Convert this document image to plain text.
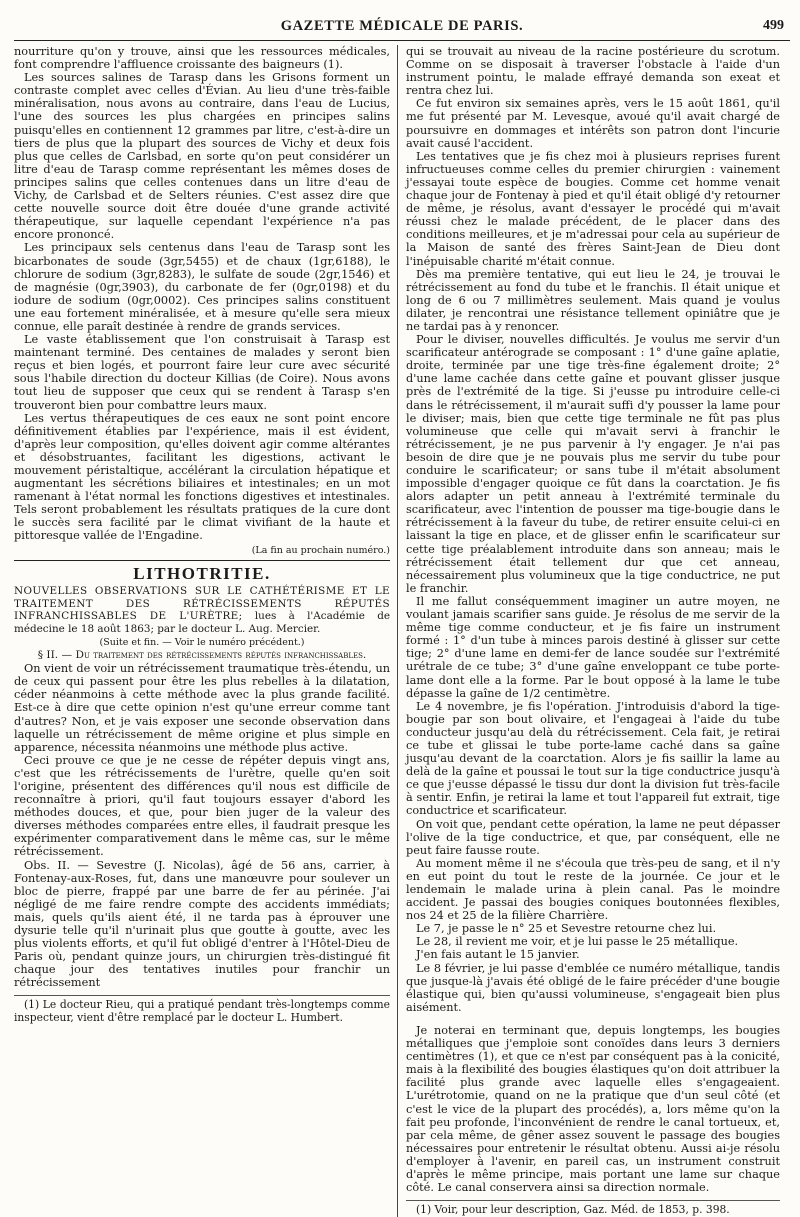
GAZETTE MÉDICALE DE PARIS.	499

nourriture qu'on y trouve, ainsi que les ressources médicales, font comprendre l'affluence croissante des baigneurs (1).

Les sources salines de Tarasp dans les Grisons forment un contraste complet avec celles d'Évian. Au lieu d'une très-faible minéralisation, nous avons au contraire, dans l'eau de Lucius, l'une des sources les plus chargées en principes salins puisqu'elles en contiennent 12 grammes par litre, c'est-à-dire un tiers de plus que la plupart des sources de Vichy et deux fois plus que celles de Carlsbad, en sorte qu'on peut considérer un litre d'eau de Tarasp comme représentant les mêmes doses de principes salins que celles contenues dans un litre d'eau de Vichy, de Carlsbad et de Selters réunies. C'est assez dire que cette nouvelle source doit être douée d'une grande activité thérapeutique, sur laquelle cependant l'expérience n'a pas encore prononcé.

Les principaux sels centenus dans l'eau de Tarasp sont les bicarbonates de soude (3gr,5455) et de chaux (1gr,6188), le chlorure de sodium (3gr,8283), le sulfate de soude (2gr,1546) et de magnésie (0gr,3903), du carbonate de fer (0gr,0198) et du iodure de sodium (0gr,0002). Ces principes salins constituent une eau fortement minéralisée, et à mesure qu'elle sera mieux connue, elle paraît destinée à rendre de grands services.

Le vaste établissement que l'on construisait à Tarasp est maintenant terminé. Des centaines de malades y seront bien reçus et bien logés, et pourront faire leur cure avec sécurité sous l'habile direction du docteur Killias (de Coire). Nous avons tout lieu de supposer que ceux qui se rendent à Tarasp s'en trouveront bien pour combattre leurs maux.

Les vertus thérapeutiques de ces eaux ne sont point encore définitivement établies par l'expérience, mais il est évident, d'après leur composition, qu'elles doivent agir comme altérantes et désobstruantes, facilitant les digestions, activant le mouvement péristaltique, accélérant la circulation hépatique et augmentant les sécrétions biliaires et intestinales; en un mot ramenant à l'état normal les fonctions digestives et intestinales. Tels seront probablement les résultats pratiques de la cure dont le succès sera facilité par le climat vivifiant de la haute et pittoresque vallée de l'Engadine.

(La fin au prochain numéro.)

LITHOTRITIE.

NOUVELLES OBSERVATIONS SUR LE CATHÉTÉRISME ET LE TRAITEMENT DES RÉTRÉCISSEMENTS RÉPUTÉS INFRANCHISSABLES DE L'URÈTRE; lues à l'Académie de médecine le 18 août 1863; par le docteur L. Aug. Mercier.

(Suite et fin. — Voir le numéro précédent.)

§ II. — Du traitement des rétrécissements réputés infranchissables.

On vient de voir un rétrécissement traumatique très-étendu, un de ceux qui passent pour être les plus rebelles à la dilatation, céder néanmoins à cette méthode avec la plus grande facilité. Est-ce à dire que cette opinion n'est qu'une erreur comme tant d'autres? Non, et je vais exposer une seconde observation dans laquelle un rétrécissement de même origine et plus simple en apparence, nécessita néanmoins une méthode plus active.

Ceci prouve ce que je ne cesse de répéter depuis vingt ans, c'est que les rétrécissements de l'urètre, quelle qu'en soit l'origine, présentent des différences qu'il nous est difficile de reconnaître à priori, qu'il faut toujours essayer d'abord les méthodes douces, et que, pour bien juger de la valeur des diverses méthodes comparées entre elles, il faudrait presque les expérimenter comparativement dans le même cas, sur le même rétrécissement.

Obs. II. — Sevestre (J. Nicolas), âgé de 56 ans, carrier, à Fontenay-aux-Roses, fut, dans une manœuvre pour soulever un bloc de pierre, frappé par une barre de fer au périnée. J'ai négligé de me faire rendre compte des accidents immédiats; mais, quels qu'ils aient été, il ne tarda pas à éprouver une dysurie telle qu'il n'urinait plus que goutte à goutte, avec les plus violents efforts, et qu'il fut obligé d'entrer à l'Hôtel-Dieu de Paris où, pendant quinze jours, un chirurgien très-distingué fit chaque jour des tentatives inutiles pour franchir un rétrécissement

(1) Le docteur Rieu, qui a pratiqué pendant très-longtemps comme inspecteur, vient d'être remplacé par le docteur L. Humbert.

qui se trouvait au niveau de la racine postérieure du scrotum. Comme on se disposait à traverser l'obstacle à l'aide d'un instrument pointu, le malade effrayé demanda son exeat et rentra chez lui.

Ce fut environ six semaines après, vers le 15 août 1861, qu'il me fut présenté par M. Levesque, avoué qu'il avait chargé de poursuivre en dommages et intérêts son patron dont l'incurie avait causé l'accident.

Les tentatives que je fis chez moi à plusieurs reprises furent infructueuses comme celles du premier chirurgien : vainement j'essayai toute espèce de bougies. Comme cet homme venait chaque jour de Fontenay à pied et qu'il était obligé d'y retourner de même, je résolus, avant d'essayer le procédé qui m'avait réussi chez le malade précédent, de le placer dans des conditions meilleures, et je m'adressai pour cela au supérieur de la Maison de santé des frères Saint-Jean de Dieu dont l'inépuisable charité m'était connue.

Dès ma première tentative, qui eut lieu le 24, je trouvai le rétrécissement au fond du tube et le franchis. Il était unique et long de 6 ou 7 millimètres seulement. Mais quand je voulus dilater, je rencontrai une résistance tellement opiniâtre que je ne tardai pas à y renoncer.

Pour le diviser, nouvelles difficultés. Je voulus me servir d'un scarificateur antérograde se composant : 1° d'une gaîne aplatie, droite, terminée par une tige très-fine également droite; 2° d'une lame cachée dans cette gaîne et pouvant glisser jusque près de l'extrémité de la tige. Si j'eusse pu introduire celle-ci dans le rétrécissement, il m'aurait suffi d'y pousser la lame pour le diviser; mais, bien que cette tige terminale ne fût pas plus volumineuse que celle qui m'avait servi à franchir le rétrécissement, je ne pus parvenir à l'y engager. Je n'ai pas besoin de dire que je ne pouvais plus me servir du tube pour conduire le scarificateur; or sans tube il m'était absolument impossible d'engager quoique ce fût dans la coarctation. Je fis alors adapter un petit anneau à l'extrémité terminale du scarificateur, avec l'intention de pousser ma tige-bougie dans le rétrécissement à la faveur du tube, de retirer ensuite celui-ci en laissant la tige en place, et de glisser enfin le scarificateur sur cette tige préalablement introduite dans son anneau; mais le rétrécissement était tellement dur que cet anneau, nécessairement plus volumineux que la tige conductrice, ne put le franchir.

Il me fallut conséquemment imaginer un autre moyen, ne voulant jamais scarifier sans guide. Je résolus de me servir de la même tige comme conducteur, et je fis faire un instrument formé : 1° d'un tube à minces parois destiné à glisser sur cette tige; 2° d'une lame en demi-fer de lance soudée sur l'extrémité urétrale de ce tube; 3° d'une gaîne enveloppant ce tube porte-lame dont elle a la forme. Par le bout opposé à la lame le tube dépasse la gaîne de 1/2 centimètre.

Le 4 novembre, je fis l'opération. J'introduisis d'abord la tige-bougie par son bout olivaire, et l'engageai à l'aide du tube conducteur jusqu'au delà du rétrécissement. Cela fait, je retirai ce tube et glissai le tube porte-lame caché dans sa gaîne jusqu'au devant de la coarctation. Alors je fis saillir la lame au delà de la gaîne et poussai le tout sur la tige conductrice jusqu'à ce que j'eusse dépassé le tissu dur dont la division fut très-facile à sentir. Enfin, je retirai la lame et tout l'appareil fut extrait, tige conductrice et scarificateur.

On voit que, pendant cette opération, la lame ne peut dépasser l'olive de la tige conductrice, et que, par conséquent, elle ne peut faire fausse route.

Au moment même il ne s'écoula que très-peu de sang, et il n'y en eut point du tout le reste de la journée. Ce jour et le lendemain le malade urina à plein canal. Pas le moindre accident. Je passai des bougies coniques boutonnées flexibles, nos 24 et 25 de la filière Charrière.

Le 7, je passe le n° 25 et Sevestre retourne chez lui.

Le 28, il revient me voir, et je lui passe le 25 métallique.

J'en fais autant le 15 janvier.

Le 8 février, je lui passe d'emblée ce numéro métallique, tandis que jusque-là j'avais été obligé de le faire précéder d'une bougie élastique qui, bien qu'aussi volumineuse, s'engageait bien plus aisément.

Je noterai en terminant que, depuis longtemps, les bougies métalliques que j'emploie sont conoïdes dans leurs 3 derniers centimètres (1), et que ce n'est par conséquent pas à la conicité, mais à la flexibilité des bougies élastiques qu'on doit attribuer la facilité plus grande avec laquelle elles s'engageaient. L'urétrotomie, quand on ne la pratique que d'un seul côté (et c'est le vice de la plupart des procédés), a, lors même qu'on la fait peu profonde, l'inconvénient de rendre le canal tortueux, et, par cela même, de gêner assez souvent le passage des bougies nécessaires pour entretenir le résultat obtenu. Aussi ai-je résolu d'employer à l'avenir, en pareil cas, un instrument construit d'après le même principe, mais portant une lame sur chaque côté. Le canal conservera ainsi sa direction normale.

(1) Voir, pour leur description, Gaz. Méd. de 1853, p. 398.
